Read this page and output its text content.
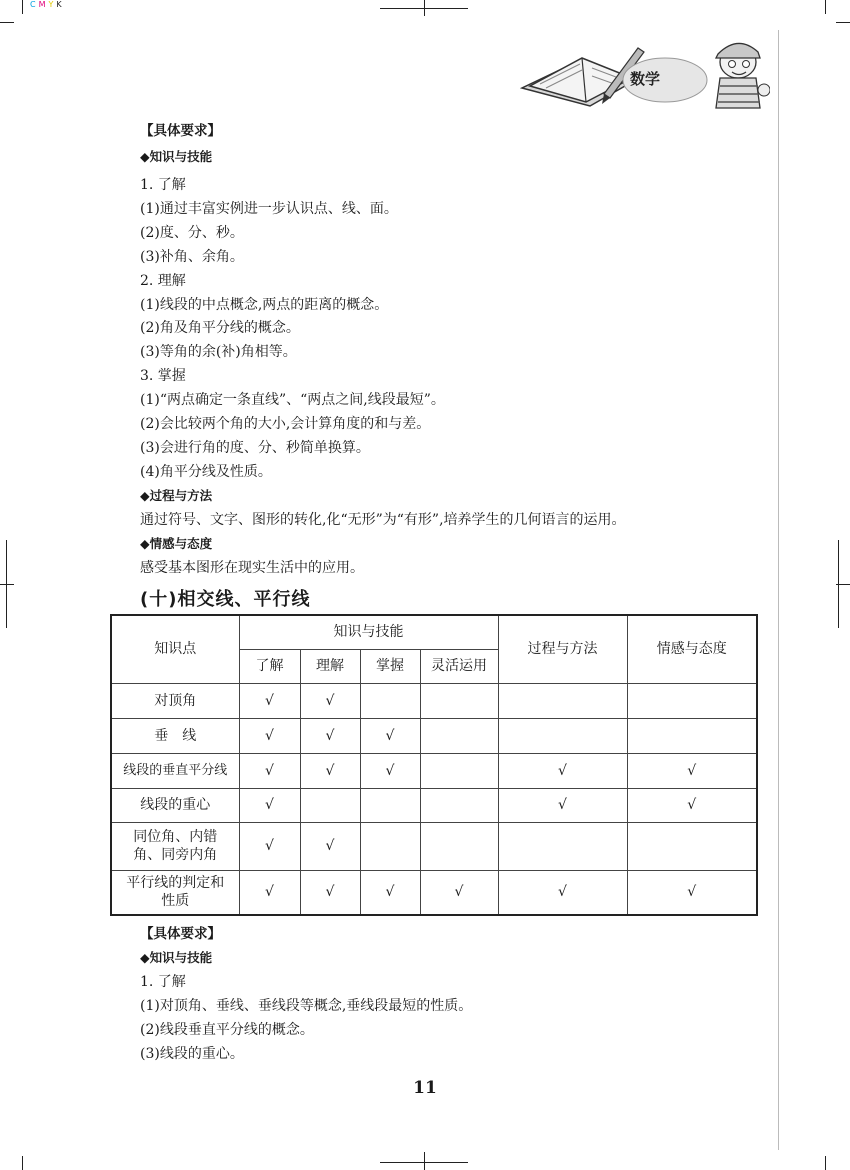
C M Y K
数学
【具体要求】
◆知识与技能
1. 了解
(1)通过丰富实例进一步认识点、线、面。
(2)度、分、秒。
(3)补角、余角。
2. 理解
(1)线段的中点概念,两点的距离的概念。
(2)角及角平分线的概念。
(3)等角的余(补)角相等。
3. 掌握
(1)“两点确定一条直线”、“两点之间,线段最短”。
(2)会比较两个角的大小,会计算角度的和与差。
(3)会进行角的度、分、秒简单换算。
(4)角平分线及性质。
◆过程与方法
通过符号、文字、图形的转化,化“无形”为“有形”,培养学生的几何语言的运用。
◆情感与态度
感受基本图形在现实生活中的应用。
(十)相交线、平行线
知识点	知识与技能				过程与方法	情感与态度
	了解	理解	掌握	灵活运用		
对顶角	√	√				
垂　线	√	√	√			
线段的垂直平分线	√	√	√		√	√
线段的重心	√				√	√
同位角、内错角、同旁内角	√	√				
平行线的判定和性质	√	√	√	√	√	√
【具体要求】
◆知识与技能
1. 了解
(1)对顶角、垂线、垂线段等概念,垂线段最短的性质。
(2)线段垂直平分线的概念。
(3)线段的重心。
11
